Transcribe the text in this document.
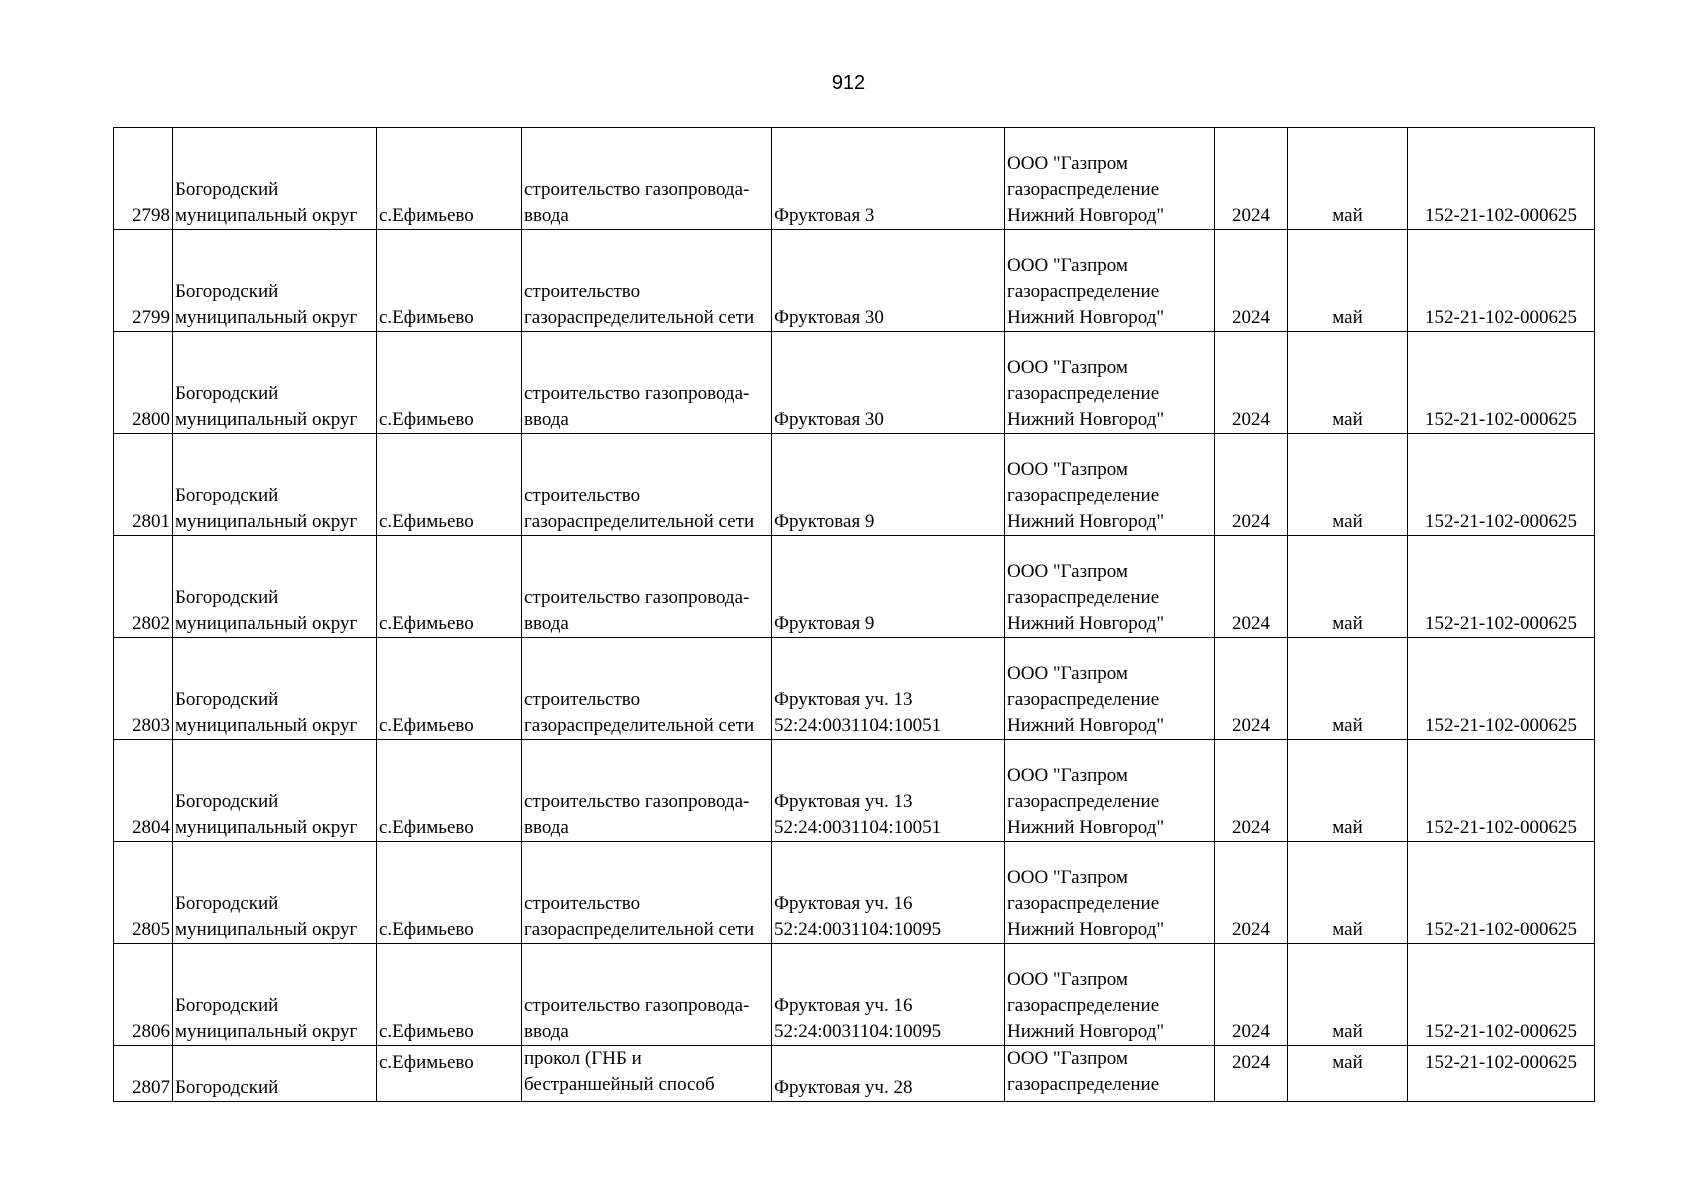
912
2798	Богородский
муниципальный округ	с.Ефимьево	строительство газопровода-
ввода	Фруктовая 3	ООО "Газпром
газораспределение
Нижний Новгород"	2024	май	152-21-102-000625
2799	Богородский
муниципальный округ	с.Ефимьево	строительство
газораспределительной сети	Фруктовая 30	ООО "Газпром
газораспределение
Нижний Новгород"	2024	май	152-21-102-000625
2800	Богородский
муниципальный округ	с.Ефимьево	строительство газопровода-
ввода	Фруктовая 30	ООО "Газпром
газораспределение
Нижний Новгород"	2024	май	152-21-102-000625
2801	Богородский
муниципальный округ	с.Ефимьево	строительство
газораспределительной сети	Фруктовая 9	ООО "Газпром
газораспределение
Нижний Новгород"	2024	май	152-21-102-000625
2802	Богородский
муниципальный округ	с.Ефимьево	строительство газопровода-
ввода	Фруктовая 9	ООО "Газпром
газораспределение
Нижний Новгород"	2024	май	152-21-102-000625
2803	Богородский
муниципальный округ	с.Ефимьево	строительство
газораспределительной сети	Фруктовая уч. 13
52:24:0031104:10051	ООО "Газпром
газораспределение
Нижний Новгород"	2024	май	152-21-102-000625
2804	Богородский
муниципальный округ	с.Ефимьево	строительство газопровода-
ввода	Фруктовая уч. 13
52:24:0031104:10051	ООО "Газпром
газораспределение
Нижний Новгород"	2024	май	152-21-102-000625
2805	Богородский
муниципальный округ	с.Ефимьево	строительство
газораспределительной сети	Фруктовая уч. 16
52:24:0031104:10095	ООО "Газпром
газораспределение
Нижний Новгород"	2024	май	152-21-102-000625
2806	Богородский
муниципальный округ	с.Ефимьево	строительство газопровода-
ввода	Фруктовая уч. 16
52:24:0031104:10095	ООО "Газпром
газораспределение
Нижний Новгород"	2024	май	152-21-102-000625
2807	Богородский	с.Ефимьево	прокол (ГНБ и
бестраншейный способ	Фруктовая уч. 28	ООО "Газпром
газораспределение	2024	май	152-21-102-000625
